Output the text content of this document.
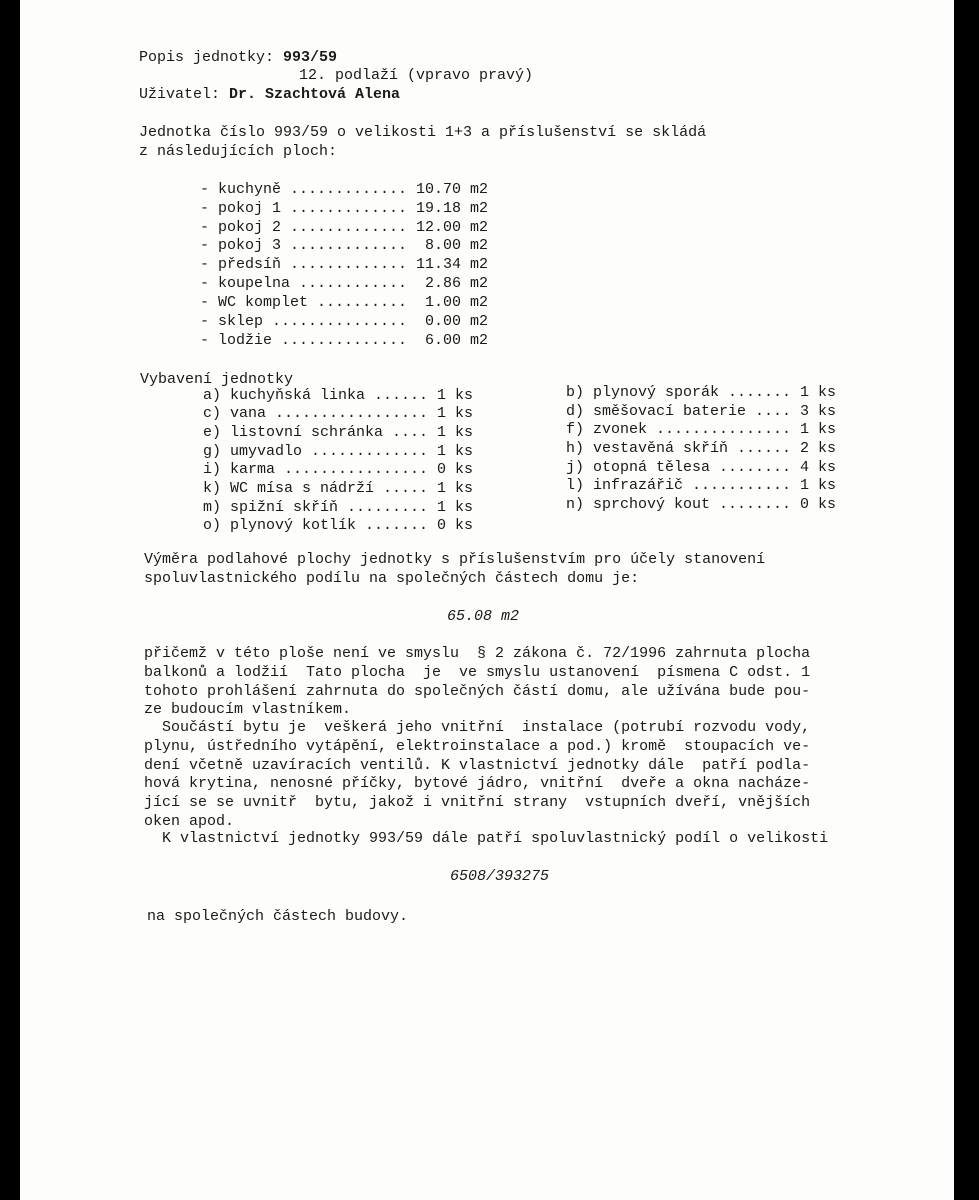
Popis jednotky: 993/59
12. podlaží (vpravo pravý)
Uživatel: Dr. Szachtová Alena
Jednotka číslo 993/59 o velikosti 1+3 a příslušenství se skládá
z následujících ploch:
- kuchyně ............. 10.70 m2
- pokoj 1 ............. 19.18 m2
- pokoj 2 ............. 12.00 m2
- pokoj 3 .............  8.00 m2
- předsíň ............. 11.34 m2
- koupelna ............  2.86 m2
- WC komplet ..........  1.00 m2
- sklep ...............  0.00 m2
- lodžie ..............  6.00 m2
Vybavení jednotky
a) kuchyňská linka ...... 1 ks
c) vana ................. 1 ks
e) listovní schránka .... 1 ks
g) umyvadlo ............. 1 ks
i) karma ................ 0 ks
k) WC mísa s nádrží ..... 1 ks
m) spižní skříň ......... 1 ks
o) plynový kotlík ....... 0 ks
b) plynový sporák ....... 1 ks
d) směšovací baterie .... 3 ks
f) zvonek ............... 1 ks
h) vestavěná skříň ...... 2 ks
j) otopná tělesa ........ 4 ks
l) infrazářič ........... 1 ks
n) sprchový kout ........ 0 ks
Výměra podlahové plochy jednotky s příslušenstvím pro účely stanovení
spoluvlastnického podílu na společných částech domu je:
65.08 m2
přičemž v této ploše není ve smyslu  § 2 zákona č. 72/1996 zahrnuta plocha
balkonů a lodžií  Tato plocha  je  ve smyslu ustanovení  písmena C odst. 1
tohoto prohlášení zahrnuta do společných částí domu, ale užívána bude pou-
ze budoucím vlastníkem.
Součástí bytu je  veškerá jeho vnitřní  instalace (potrubí rozvodu vody,
plynu, ústředního vytápění, elektroinstalace a pod.) kromě  stoupacích ve-
dení včetně uzavíracích ventilů. K vlastnictví jednotky dále  patří podla-
hová krytina, nenosné příčky, bytové jádro, vnitřní  dveře a okna nacháze-
jící se se uvnitř  bytu, jakož i vnitřní strany  vstupních dveří, vnějších
oken apod.
K vlastnictví jednotky 993/59 dále patří spoluvlastnický podíl o velikosti
6508/393275
na společných částech budovy.
